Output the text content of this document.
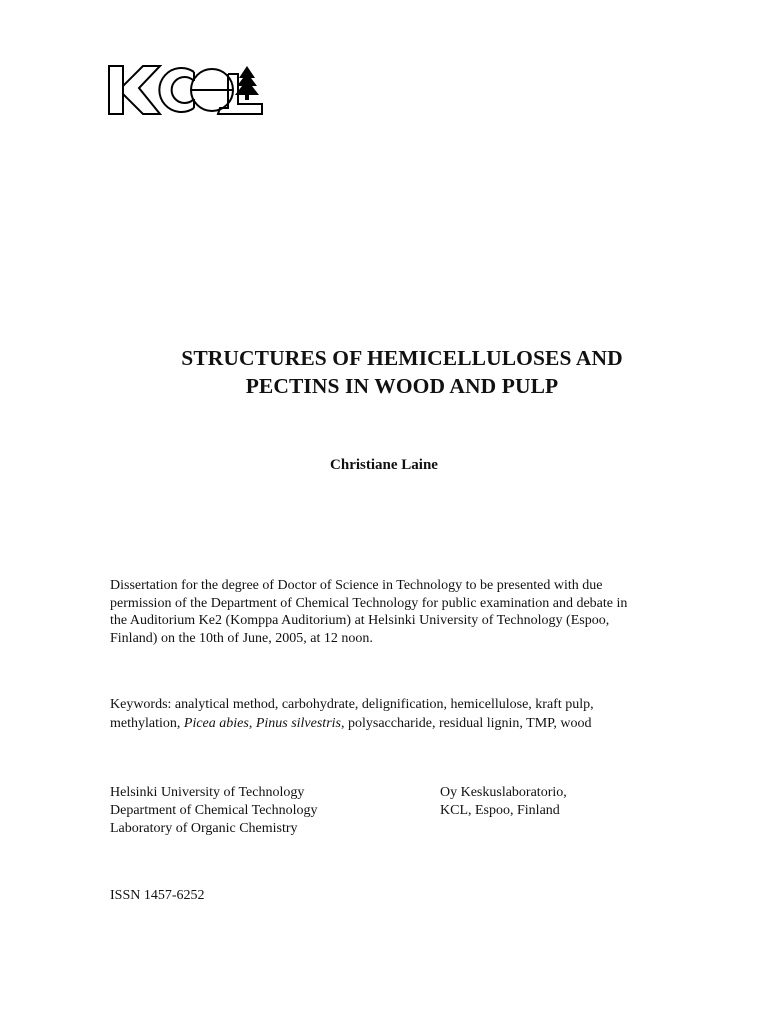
STRUCTURES OF HEMICELLULOSES AND
PECTINS IN WOOD AND PULP
Christiane Laine
Dissertation for the degree of Doctor of Science in Technology to be presented with due
permission of the Department of Chemical Technology for public examination and debate in
the Auditorium Ke2 (Komppa Auditorium) at Helsinki University of Technology (Espoo,
Finland) on the 10th of June, 2005, at 12 noon.
Keywords: analytical method, carbohydrate, delignification, hemicellulose, kraft pulp,
methylation, Picea abies, Pinus silvestris, polysaccharide, residual lignin, TMP, wood
Helsinki University of Technology
Department of Chemical Technology
Laboratory of Organic Chemistry
Oy Keskuslaboratorio,
KCL, Espoo, Finland
ISSN 1457-6252
